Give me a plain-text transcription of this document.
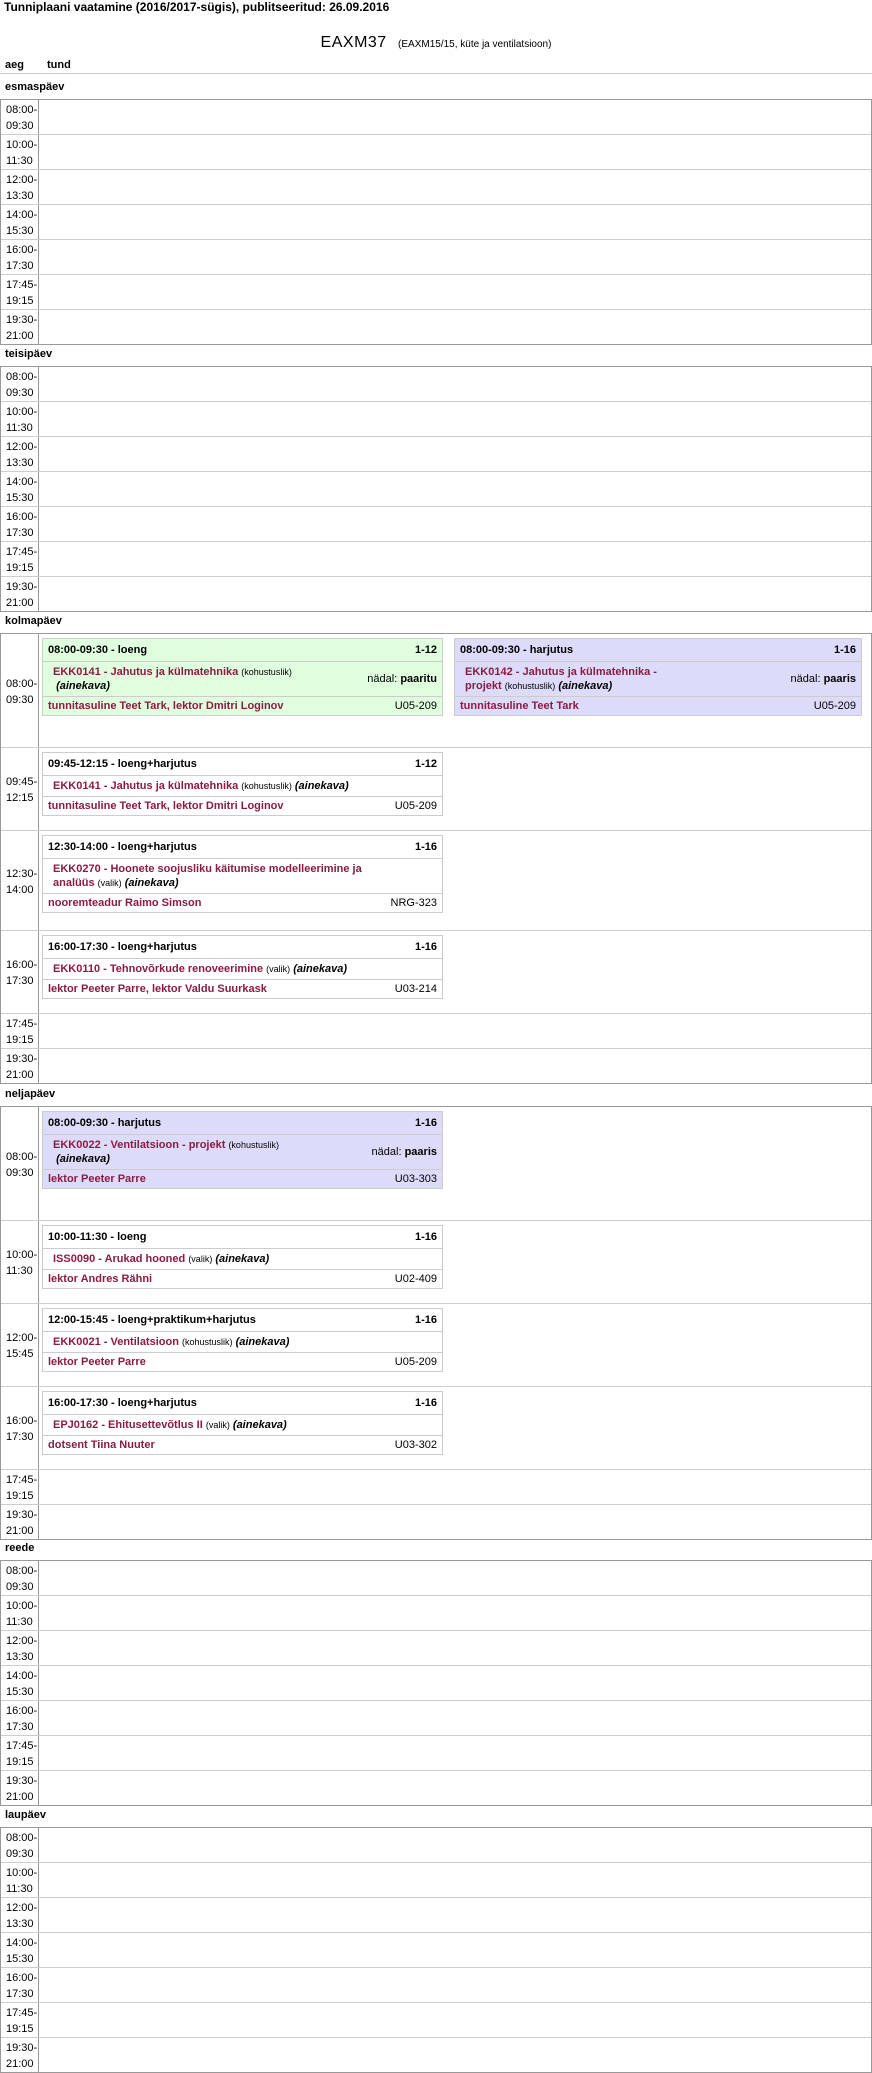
Tunniplaani vaatamine (2016/2017-sügis), publitseeritud: 26.09.2016
EAXM37 (EAXM15/15, küte ja ventilatsioon)
aeg tund
esmaspäev
08:00-
09:30
10:00-
11:30
12:00-
13:30
14:00-
15:30
16:00-
17:30
17:45-
19:15
19:30-
21:00
teisipäev
08:00-
09:30
10:00-
11:30
12:00-
13:30
14:00-
15:30
16:00-
17:30
17:45-
19:15
19:30-
21:00
kolmapäev
08:00-
09:30
08:00-09:30 - loeng	1-12
EKK0141 - Jahutus ja külmatehnika (kohustuslik)
(ainekava)
nädal: paaritu
tunnitasuline Teet Tark, lektor Dmitri Loginov	U05-209
08:00-09:30 - harjutus	1-16
EKK0142 - Jahutus ja külmatehnika - projekt (kohustuslik) (ainekava)
nädal: paaris
tunnitasuline Teet Tark	U05-209
09:45-
12:15
09:45-12:15 - loeng+harjutus	1-12
EKK0141 - Jahutus ja külmatehnika (kohustuslik) (ainekava)
tunnitasuline Teet Tark, lektor Dmitri Loginov	U05-209
12:30-
14:00
12:30-14:00 - loeng+harjutus	1-16
EKK0270 - Hoonete soojusliku käitumise modelleerimine ja analüüs (valik) (ainekava)
nooremteadur Raimo Simson	NRG-323
16:00-
17:30
16:00-17:30 - loeng+harjutus	1-16
EKK0110 - Tehnovõrkude renoveerimine (valik) (ainekava)
lektor Peeter Parre, lektor Valdu Suurkask	U03-214
17:45-
19:15
19:30-
21:00
neljapäev
08:00-
09:30
08:00-09:30 - harjutus	1-16
EKK0022 - Ventilatsioon - projekt (kohustuslik)
(ainekava)
nädal: paaris
lektor Peeter Parre	U03-303
10:00-
11:30
10:00-11:30 - loeng	1-16
ISS0090 - Arukad hooned (valik) (ainekava)
lektor Andres Rähni	U02-409
12:00-
15:45
12:00-15:45 - loeng+praktikum+harjutus	1-16
EKK0021 - Ventilatsioon (kohustuslik) (ainekava)
lektor Peeter Parre	U05-209
16:00-
17:30
16:00-17:30 - loeng+harjutus	1-16
EPJ0162 - Ehitusettevõtlus II (valik) (ainekava)
dotsent Tiina Nuuter	U03-302
17:45-
19:15
19:30-
21:00
reede
08:00-
09:30
10:00-
11:30
12:00-
13:30
14:00-
15:30
16:00-
17:30
17:45-
19:15
19:30-
21:00
laupäev
08:00-
09:30
10:00-
11:30
12:00-
13:30
14:00-
15:30
16:00-
17:30
17:45-
19:15
19:30-
21:00
